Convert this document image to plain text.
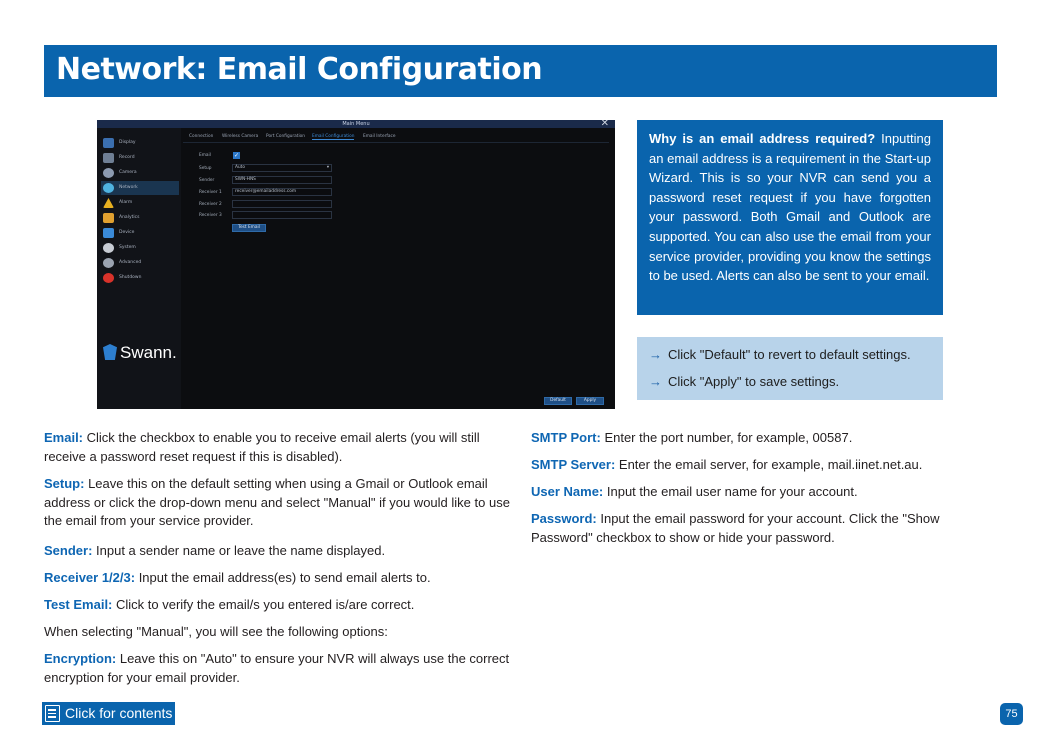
Network: Email Configuration
Main Menu	✕
Display
Record
Camera
Network
Alarm
Analytics
Device
System
Advanced
Shutdown
Swann.
Connection Wireless Camera Port Configuration Email Configuration Email Interface
Email	✓
Setup	Auto	▾
Sender	SWN-HNS
Receiver 1	receiver@emailaddress.com
Receiver 2
Receiver 3
Test Email
Default	Apply
Why is an email address required? Inputting an email address is a requirement in the Start-up Wizard. This is so your NVR can send you a password reset request if you have forgotten your password. Both Gmail and Outlook are supported. You can also use the email from your service provider, providing you know the settings to be used. Alerts can also be sent to your email.
→ Click "Default" to revert to default settings.
→ Click "Apply" to save settings.
Email: Click the checkbox to enable you to receive email alerts (you will still receive a password reset request if this is disabled).
Setup: Leave this on the default setting when using a Gmail or Outlook email address or click the drop-down menu and select "Manual" if you would like to use the email from your service provider.
Sender: Input a sender name or leave the name displayed.
Receiver 1/2/3: Input the email address(es) to send email alerts to.
Test Email: Click to verify the email/s you entered is/are correct.
When selecting "Manual", you will see the following options:
Encryption: Leave this on "Auto" to ensure your NVR will always use the correct encryption for your email provider.
SMTP Port: Enter the port number, for example, 00587.
SMTP Server: Enter the email server, for example, mail.iinet.net.au.
User Name: Input the email user name for your account.
Password: Input the email password for your account. Click the "Show Password" checkbox to show or hide your password.
Click for contents	75
